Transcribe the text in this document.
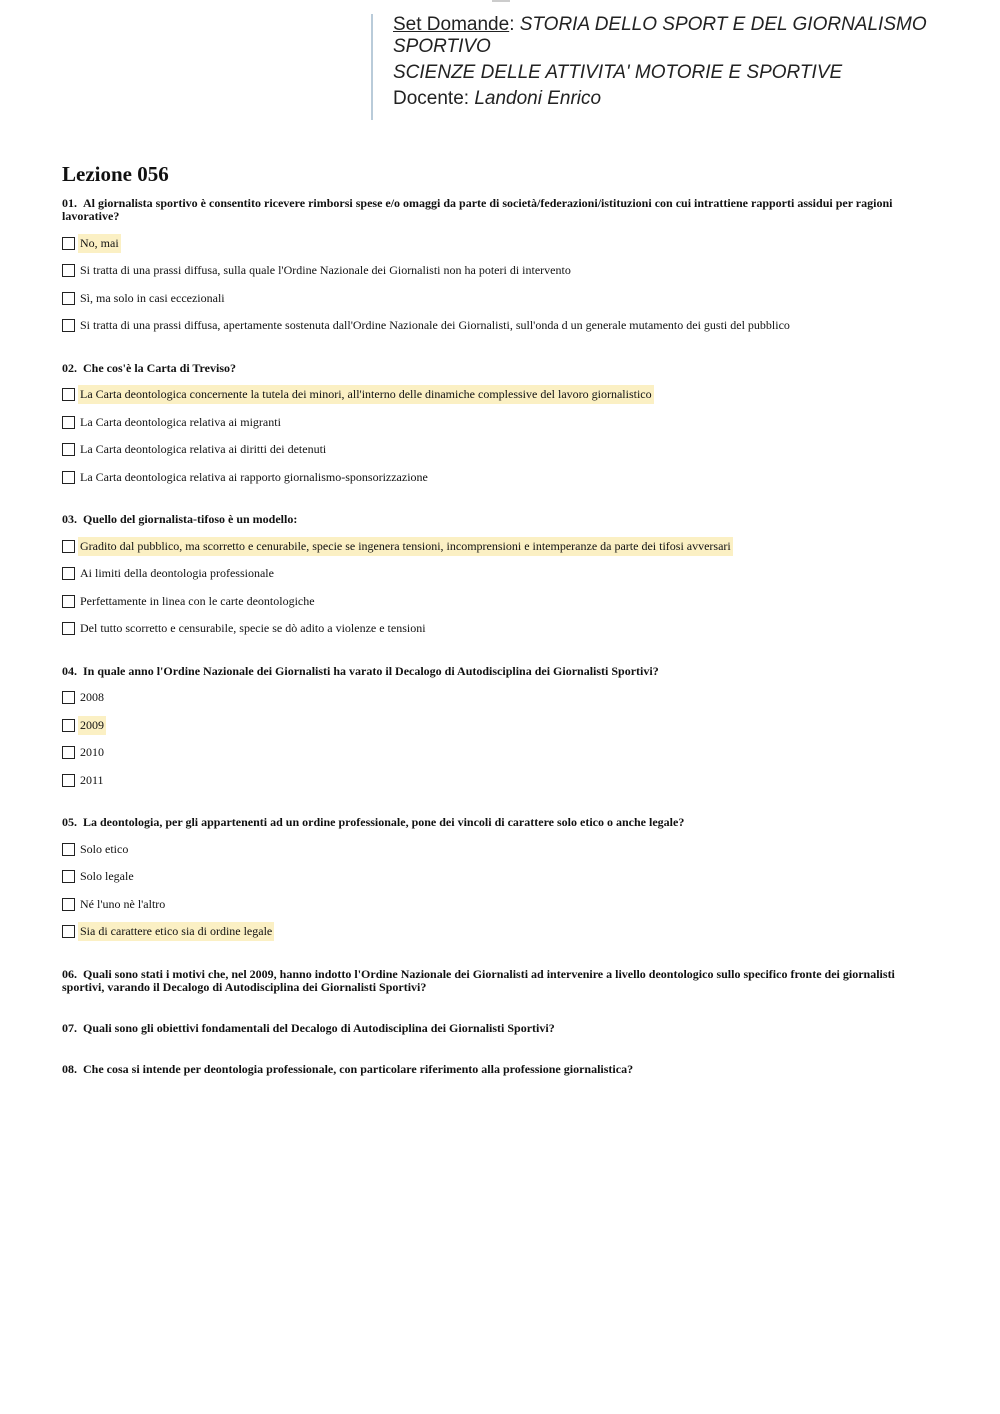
Set Domande: STORIA DELLO SPORT E DEL GIORNALISMO
SPORTIVO
SCIENZE DELLE ATTIVITA' MOTORIE E SPORTIVE
Docente: Landoni Enrico
Lezione 056
01. Al giornalista sportivo è consentito ricevere rimborsi spese e/o omaggi da parte di società/federazioni/istituzioni con cui intrattiene rapporti assidui per ragioni lavorative?
No, mai
Si tratta di una prassi diffusa, sulla quale l'Ordine Nazionale dei Giornalisti non ha poteri di intervento
Sì, ma solo in casi eccezionali
Si tratta di una prassi diffusa, apertamente sostenuta dall'Ordine Nazionale dei Giornalisti, sull'onda d un generale mutamento dei gusti del pubblico
02. Che cos'è la Carta di Treviso?
La Carta deontologica concernente la tutela dei minori, all'interno delle dinamiche complessive del lavoro giornalistico
La Carta deontologica relativa ai migranti
La Carta deontologica relativa ai diritti dei detenuti
La Carta deontologica relativa ai rapporto giornalismo-sponsorizzazione
03. Quello del giornalista-tifoso è un modello:
Gradito dal pubblico, ma scorretto e cenurabile, specie se ingenera tensioni, incomprensioni e intemperanze da parte dei tifosi avversari
Ai limiti della deontologia professionale
Perfettamente in linea con le carte deontologiche
Del tutto scorretto e censurabile, specie se dò adito a violenze e tensioni
04. In quale anno l'Ordine Nazionale dei Giornalisti ha varato il Decalogo di Autodisciplina dei Giornalisti Sportivi?
2008
2009
2010
2011
05. La deontologia, per gli appartenenti ad un ordine professionale, pone dei vincoli di carattere solo etico o anche legale?
Solo etico
Solo legale
Né l'uno nè l'altro
Sia di carattere etico sia di ordine legale
06. Quali sono stati i motivi che, nel 2009, hanno indotto l'Ordine Nazionale dei Giornalisti ad intervenire a livello deontologico sullo specifico fronte dei giornalisti sportivi, varando il Decalogo di Autodisciplina dei Giornalisti Sportivi?
07. Quali sono gli obiettivi fondamentali del Decalogo di Autodisciplina dei Giornalisti Sportivi?
08. Che cosa si intende per deontologia professionale, con particolare riferimento alla professione giornalistica?
